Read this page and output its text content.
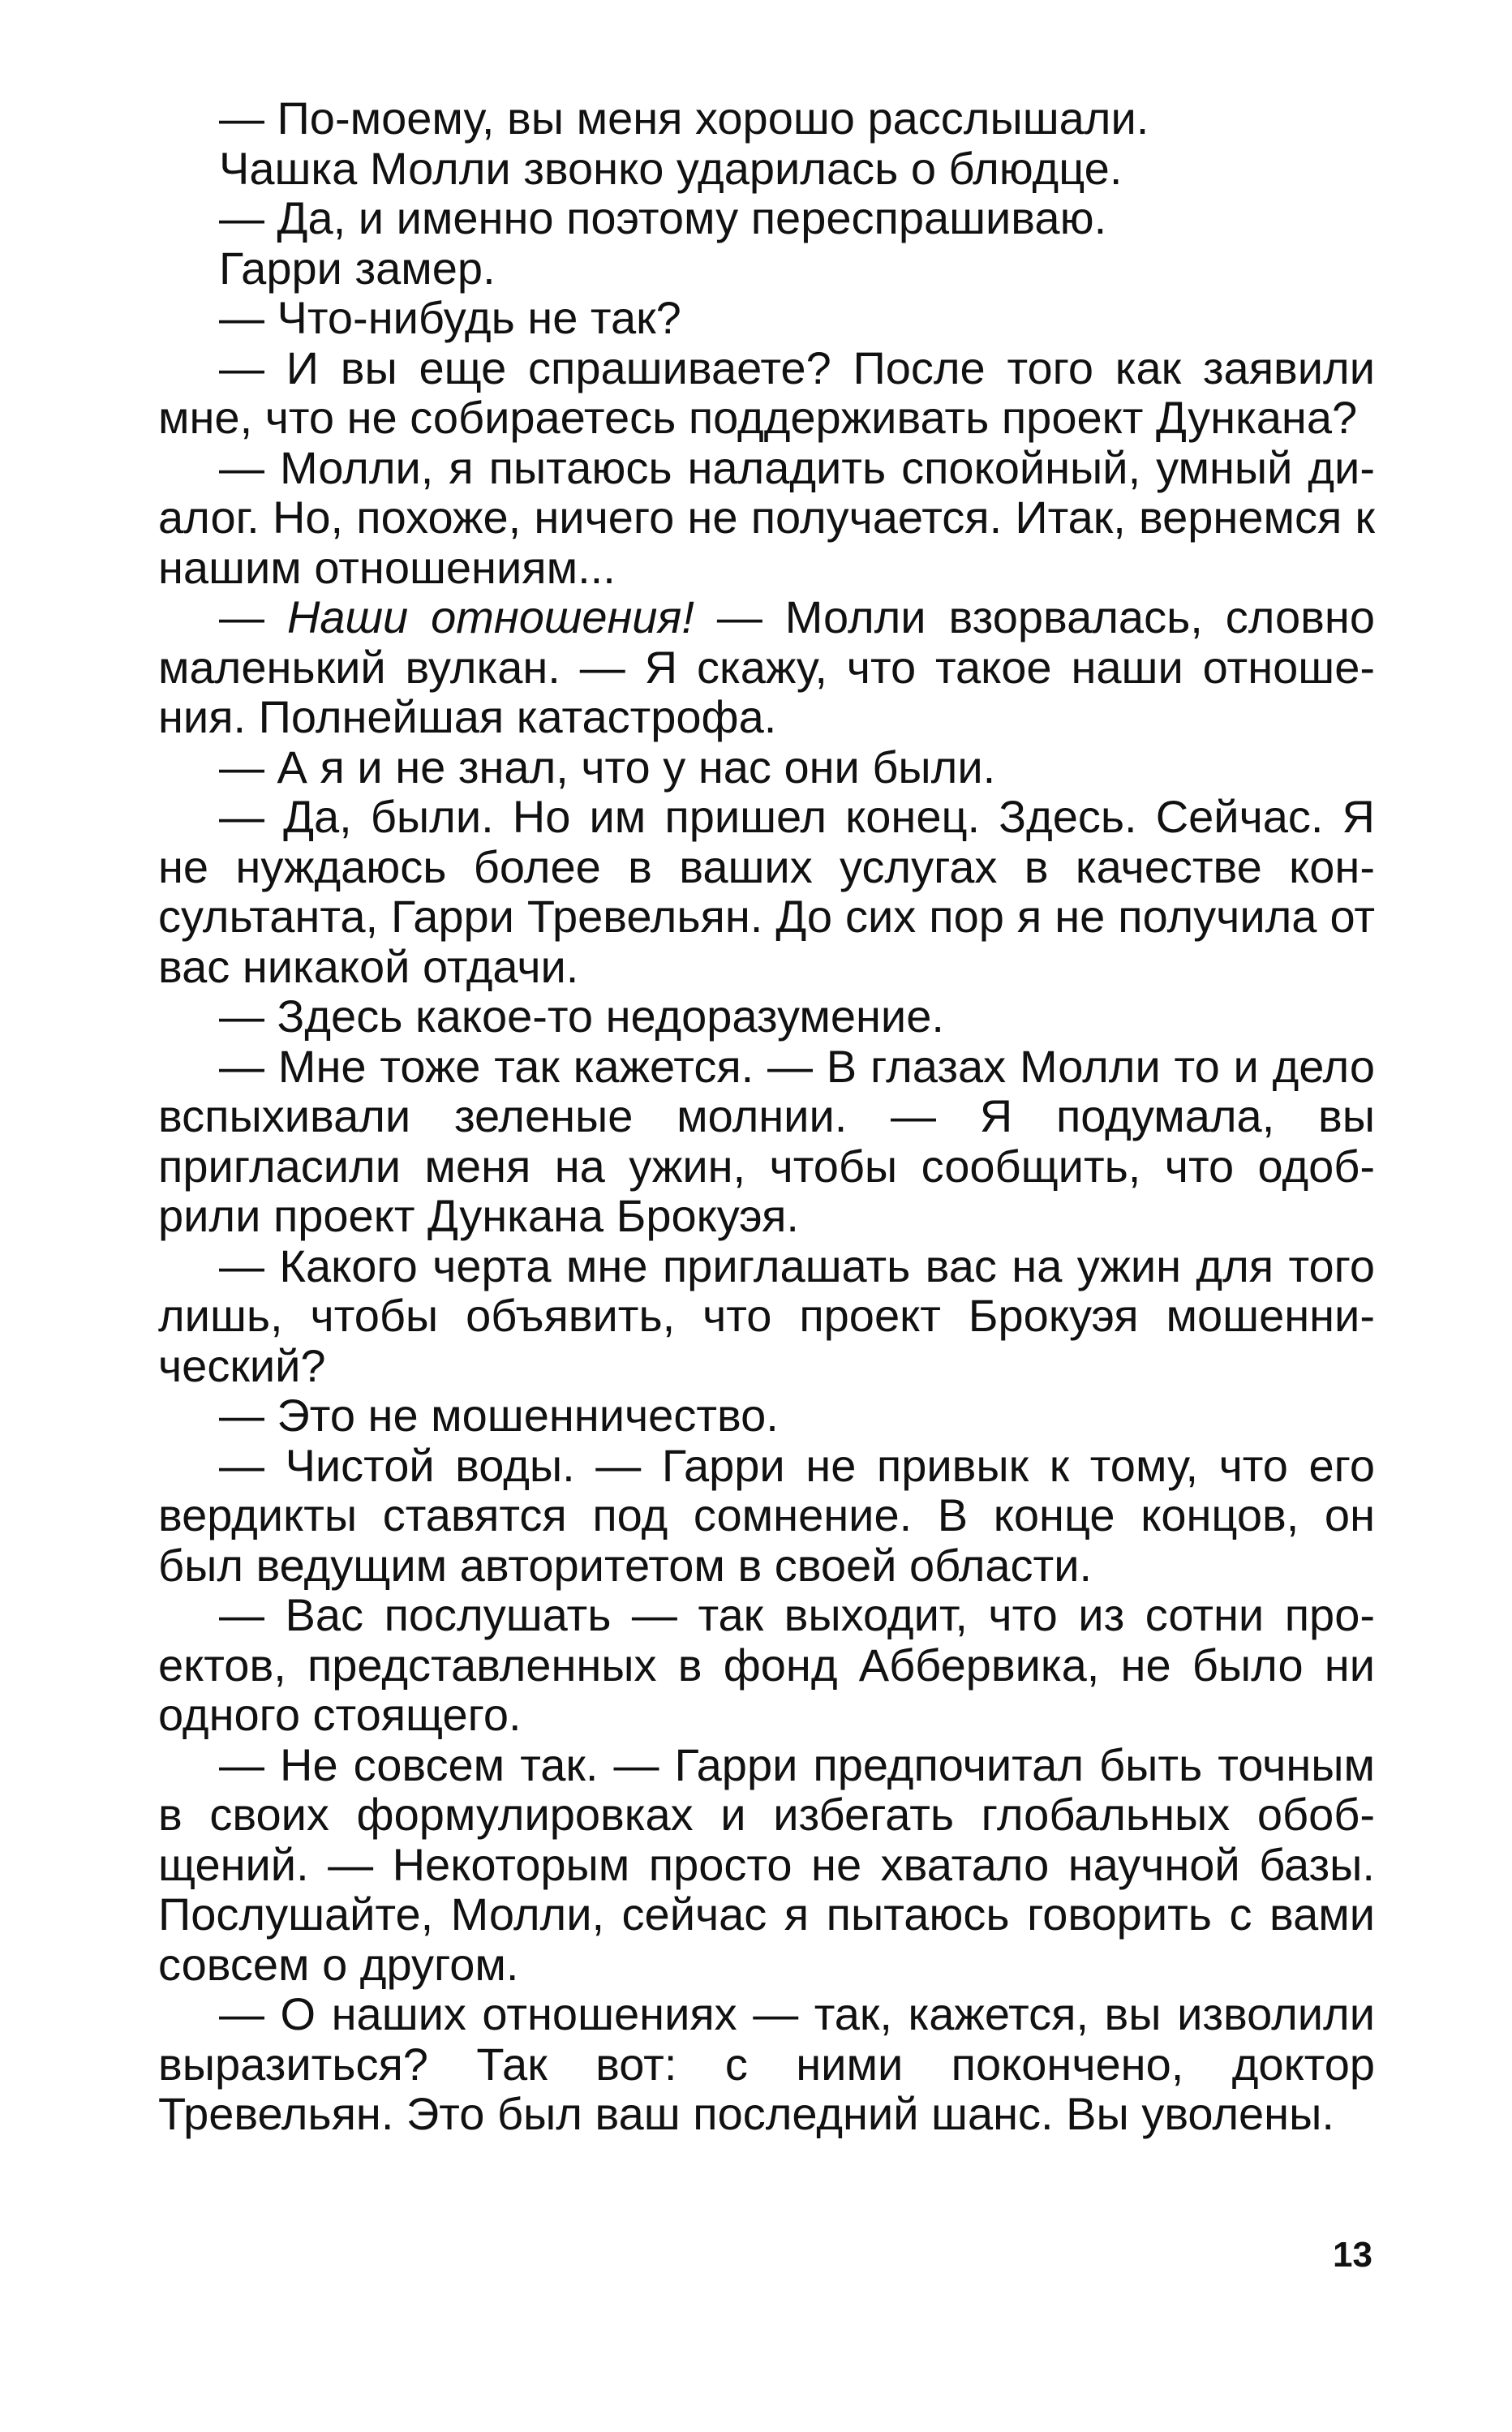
— По-моему, вы меня хорошо расслышали.

Чашка Молли звонко ударилась о блюдце.

— Да, и именно поэтому переспрашиваю.

Гарри замер.

— Что-нибудь не так?

— И вы еще спрашиваете? После того как заявили мне, что не собираетесь поддерживать проект Дункана?

— Молли, я пытаюсь наладить спокойный, умный диалог. Но, похоже, ничего не получается. Итак, вернемся к нашим отношениям...

— Наши отношения! — Молли взорвалась, словно маленький вулкан. — Я скажу, что такое наши отношения. Полнейшая катастрофа.

— А я и не знал, что у нас они были.

— Да, были. Но им пришел конец. Здесь. Сейчас. Я не нуждаюсь более в ваших услугах в качестве консультанта, Гарри Тревельян. До сих пор я не получила от вас никакой отдачи.

— Здесь какое-то недоразумение.

— Мне тоже так кажется. — В глазах Молли то и дело вспыхивали зеленые молнии. — Я подумала, вы пригласили меня на ужин, чтобы сообщить, что одобрили проект Дункана Брокуэя.

— Какого черта мне приглашать вас на ужин для того лишь, чтобы объявить, что проект Брокуэя мошеннический?

— Это не мошенничество.

— Чистой воды. — Гарри не привык к тому, что его вердикты ставятся под сомнение. В конце концов, он был ведущим авторитетом в своей области.

— Вас послушать — так выходит, что из сотни проектов, представленных в фонд Аббервика, не было ни одного стоящего.

— Не совсем так. — Гарри предпочитал быть точным в своих формулировках и избегать глобальных обобщений. — Некоторым просто не хватало научной базы. Послушайте, Молли, сейчас я пытаюсь говорить с вами совсем о другом.

— О наших отношениях — так, кажется, вы изволили выразиться? Так вот: с ними покончено, доктор Тревельян. Это был ваш последний шанс. Вы уволены.

13
